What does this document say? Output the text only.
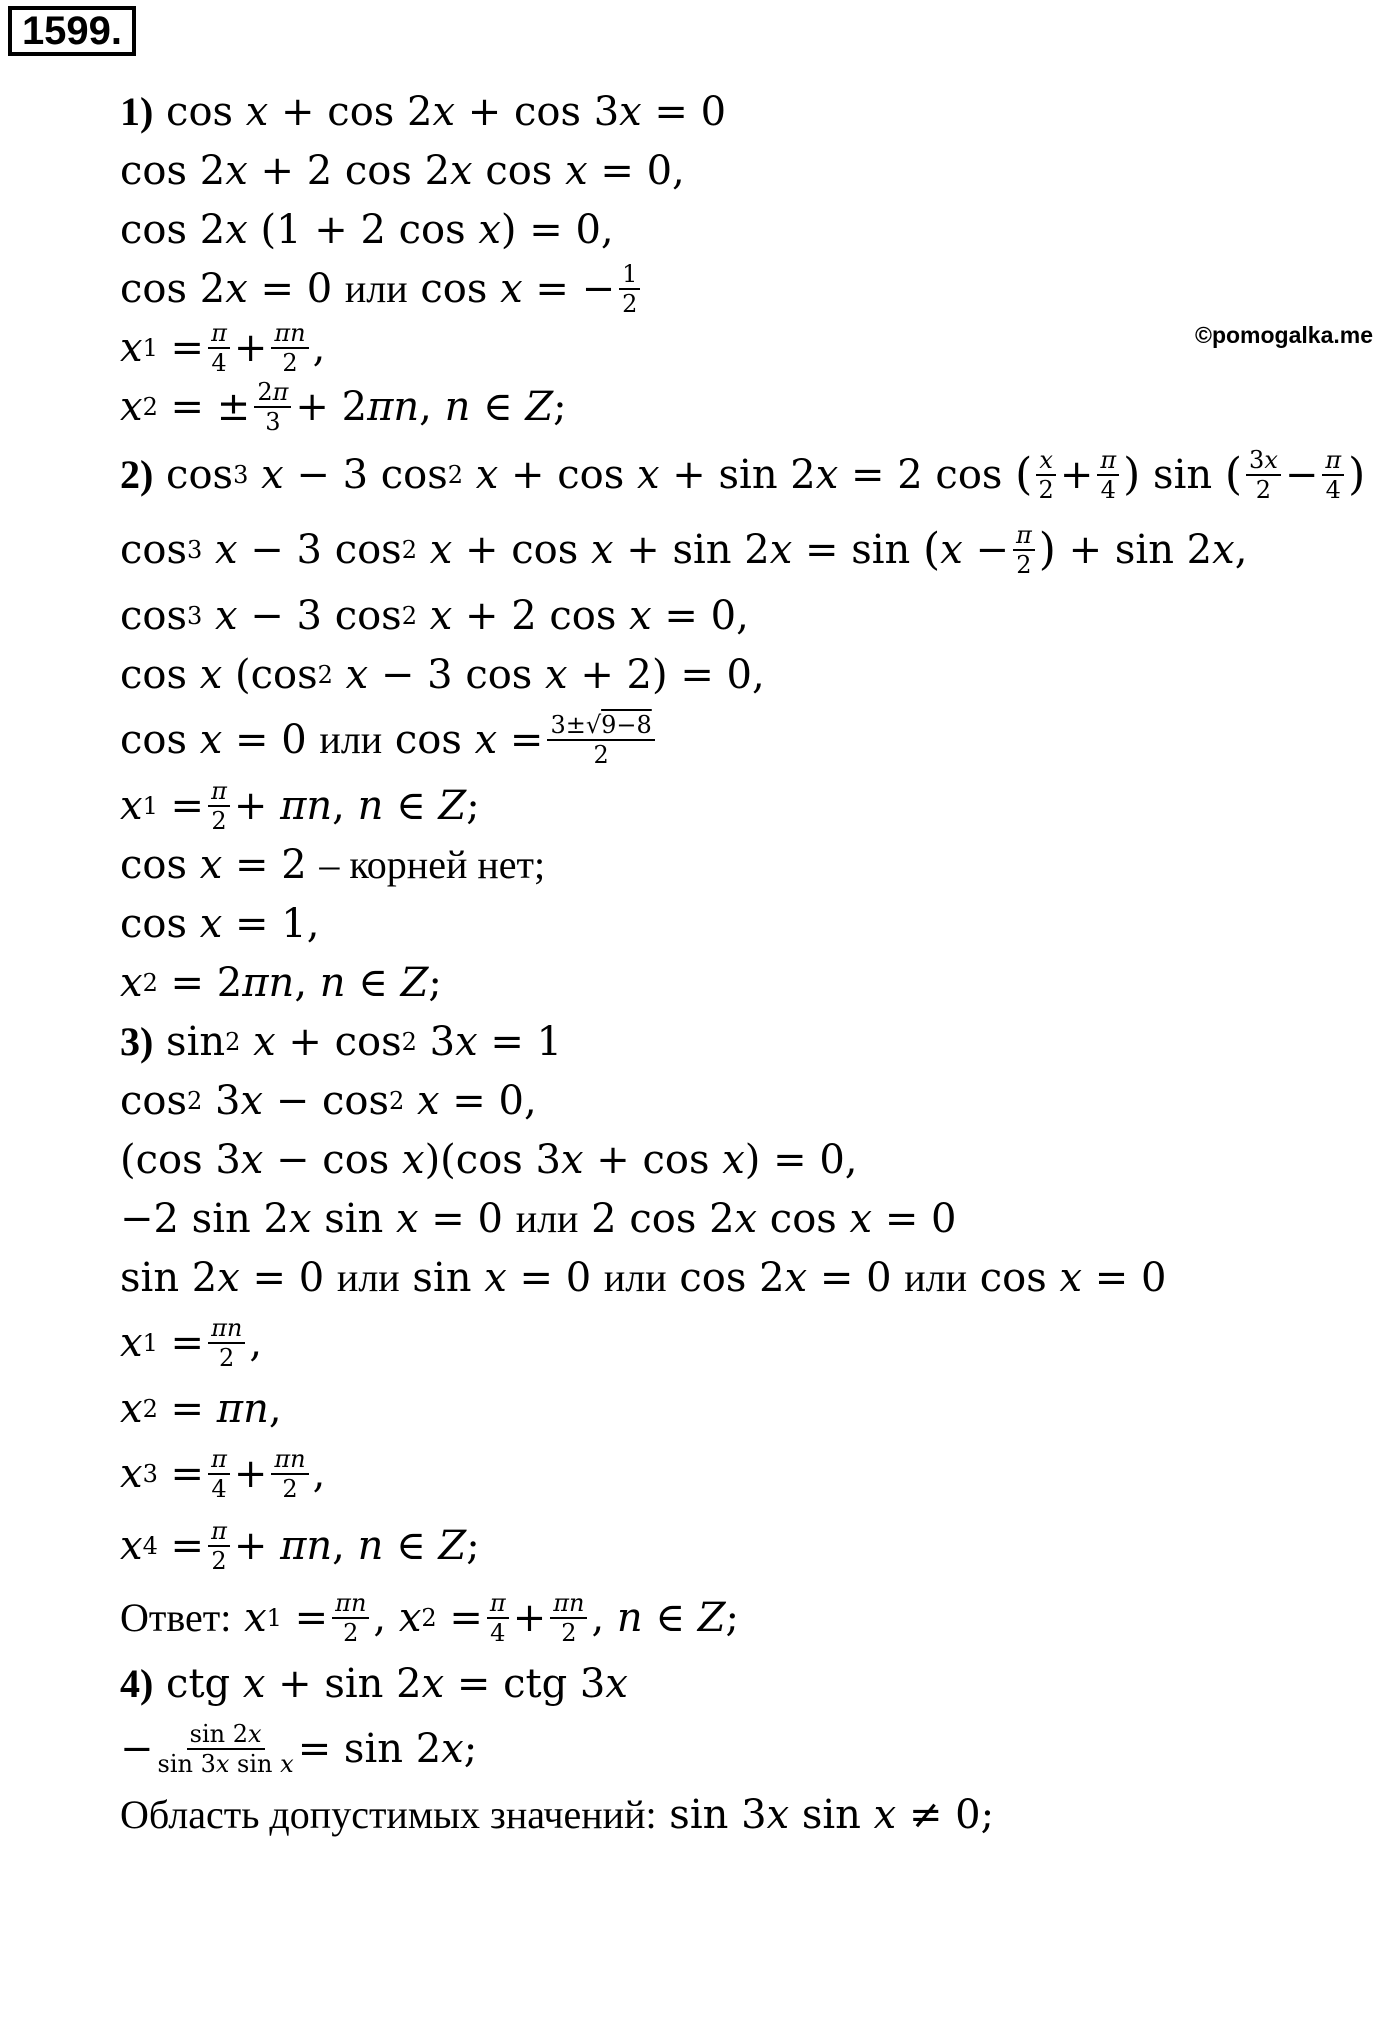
1599.
©pomogalka.me
1) cos x + cos 2 x + cos 3 x = 0
cos 2 x + 2 cos 2 x cos x = 0,
cos 2 x (1 + 2 cos x ) = 0,
cos 2 x = 0 или cos x = − 1
2
x 1 = π
4 + πn
2 ,
x 2 = ± 2π
3 + 2 πn , n ∈ Z ;
2) cos 3
x − 3 cos 2
x + cos x + sin 2 x = 2 cos ( x
2 + π
4 ) sin ( 3x
2 − π
4 )
cos 3
x − 3 cos 2
x + cos x + sin 2 x = sin ( x − π
2 ) + sin 2 x ,
cos 3
x − 3 cos 2
x + 2 cos x = 0,
cos x (cos 2
x − 3 cos x + 2) = 0,
cos x = 0 или cos x = 3±√9−8
2
x 1 = π
2 + πn , n ∈ Z ;
cos x = 2 – корней нет;
cos x = 1,
x 2 = 2 πn , n ∈ Z ;
3) sin 2
x + cos 2 3 x = 1
cos 2 3 x − cos 2
x = 0,
(cos 3 x − cos x )(cos 3 x + cos x ) = 0,
−2 sin 2 x sin x = 0 или 2 cos 2 x cos x = 0
sin 2 x = 0 или sin x = 0 или cos 2 x = 0 или cos x = 0
x 1 = πn
2 ,
x 2 = πn ,
x 3 = π
4 + πn
2 ,
x 4 = π
2 + πn , n ∈ Z ;
Ответ:
x 1 = πn
2 , x 2 = π
4 + πn
2 , n ∈ Z ;
4) ctg x + sin 2 x = ctg 3 x
− sin 2x
sin 3x sin x = sin 2 x ;
Область допустимых значений: sin 3 x sin x ≠ 0;
